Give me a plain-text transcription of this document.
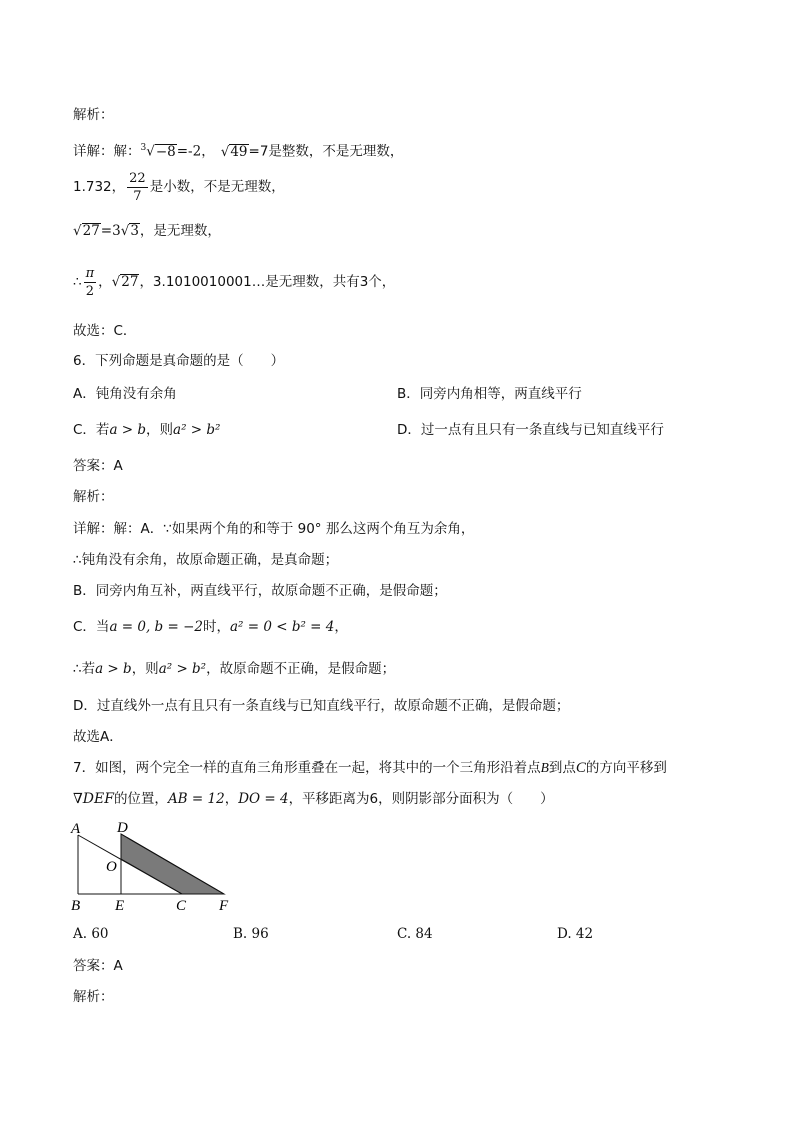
解析：
详解：解：$^3$√−8=-2， √49=7是整数，不是无理数，
1.732， $\frac{22}{7}$ 是小数，不是无理数，
√27=3√3，是无理数，
∴ $\frac{\pi}{2}$ ，√27，3.1010010001…是无理数，共有3个，
故选：C．
6．下列命题是真命题的是（　　）
A．钝角没有余角	B．同旁内角相等，两直线平行
C．若a > b，则a² > b²	D．过一点有且只有一条直线与已知直线平行
答案：A
解析：
详解：解：A．∵如果两个角的和等于 90° 那么这两个角互为余角，
∴钝角没有余角，故原命题正确，是真命题；
B．同旁内角互补，两直线平行，故原命题不正确，是假命题；
C．当a = 0, b = −2时，a² = 0 < b² = 4，
∴若a > b，则a² > b²，故原命题不正确，是假命题；
D．过直线外一点有且只有一条直线与已知直线平行，故原命题不正确，是假命题；
故选A．
7．如图，两个完全一样的直角三角形重叠在一起，将其中的一个三角形沿着点B到点C的方向平移到
∇DEF的位置，AB = 12，DO = 4，平移距离为6，则阴影部分面积为（　　）
A D
O
B E	C F
A. 60	B. 96	C. 84	D. 42
答案：A
解析：
